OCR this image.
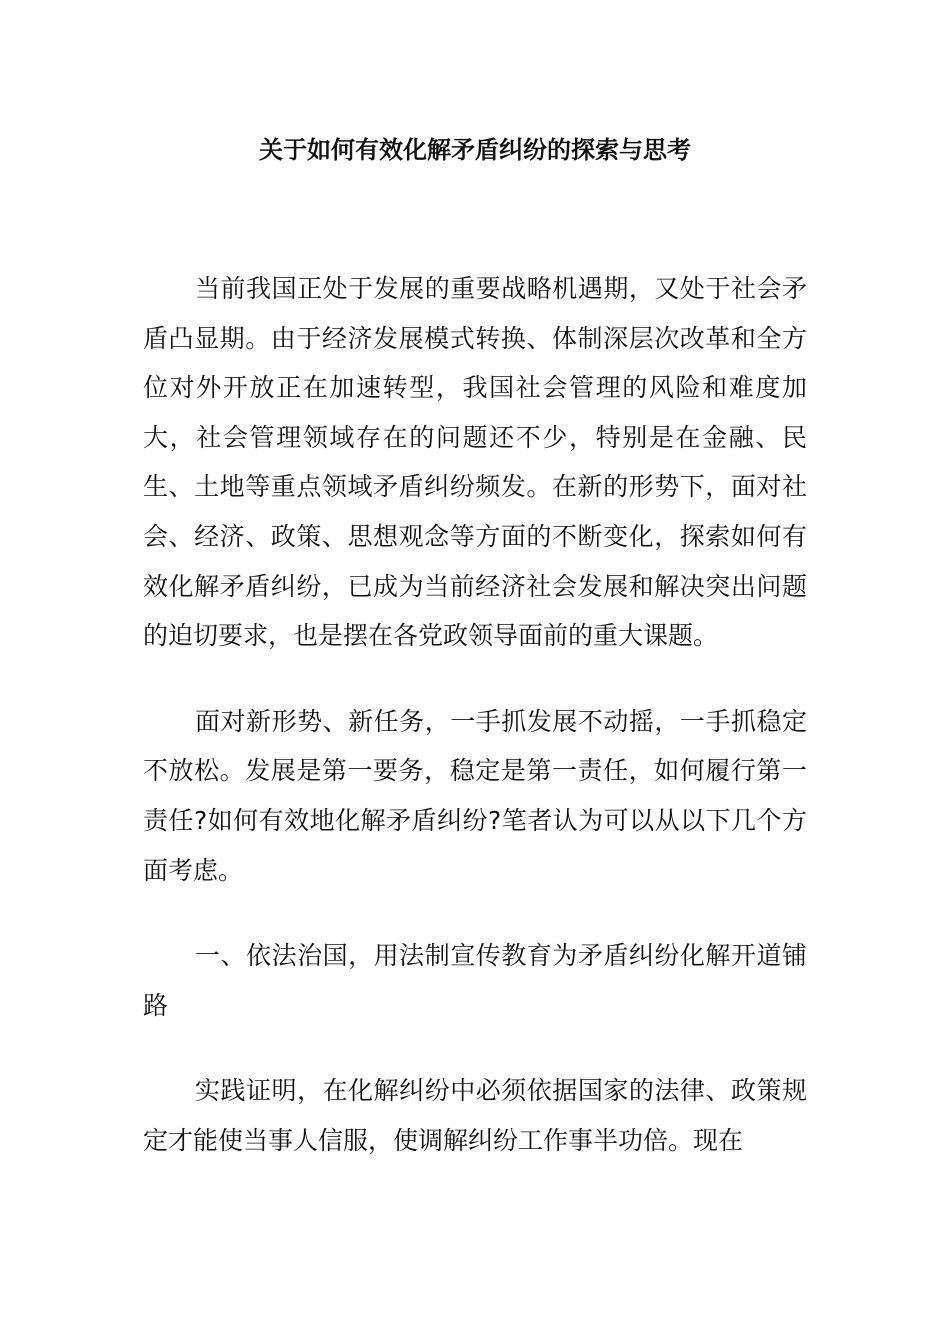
关于如何有效化解矛盾纠纷的探索与思考

当前我国正处于发展的重要战略机遇期，又处于社会矛盾凸显期。由于经济发展模式转换、体制深层次改革和全方位对外开放正在加速转型，我国社会管理的风险和难度加大，社会管理领域存在的问题还不少，特别是在金融、民生、土地等重点领域矛盾纠纷频发。在新的形势下，面对社会、经济、政策、思想观念等方面的不断变化，探索如何有效化解矛盾纠纷，已成为当前经济社会发展和解决突出问题的迫切要求，也是摆在各党政领导面前的重大课题。

面对新形势、新任务，一手抓发展不动摇，一手抓稳定不放松。发展是第一要务，稳定是第一责任，如何履行第一责任?如何有效地化解矛盾纠纷?笔者认为可以从以下几个方面考虑。

一、依法治国，用法制宣传教育为矛盾纠纷化解开道铺路

实践证明，在化解纠纷中必须依据国家的法律、政策规定才能使当事人信服，使调解纠纷工作事半功倍。现在
